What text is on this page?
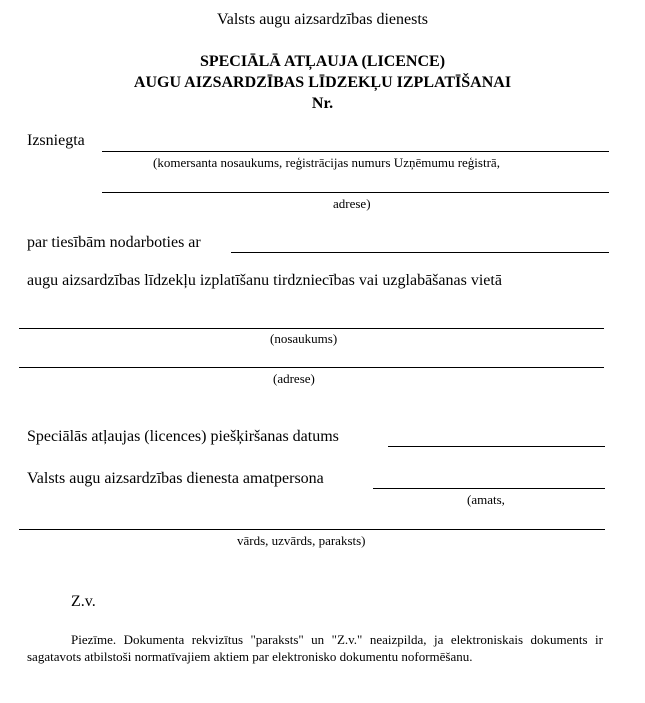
Valsts augu aizsardzības dienests
SPECIĀLĀ ATĻAUJA (LICENCE)
AUGU AIZSARDZĪBAS LĪDZEKĻU IZPLATĪŠANAI
Nr.
Izsniegta
(komersanta nosaukums, reģistrācijas numurs Uzņēmumu reģistrā,
adrese)
par tiesībām nodarboties ar
augu aizsardzības līdzekļu izplatīšanu tirdzniecības vai uzglabāšanas vietā
(nosaukums)
(adrese)
Speciālās atļaujas (licences) piešķiršanas datums
Valsts augu aizsardzības dienesta amatpersona
(amats,
vārds, uzvārds, paraksts)
Z.v.
Piezīme. Dokumenta rekvizītus "paraksts" un "Z.v." neaizpilda, ja elektroniskais dokuments ir sagatavots atbilstoši normatīvajiem aktiem par elektronisko dokumentu noformēšanu.
